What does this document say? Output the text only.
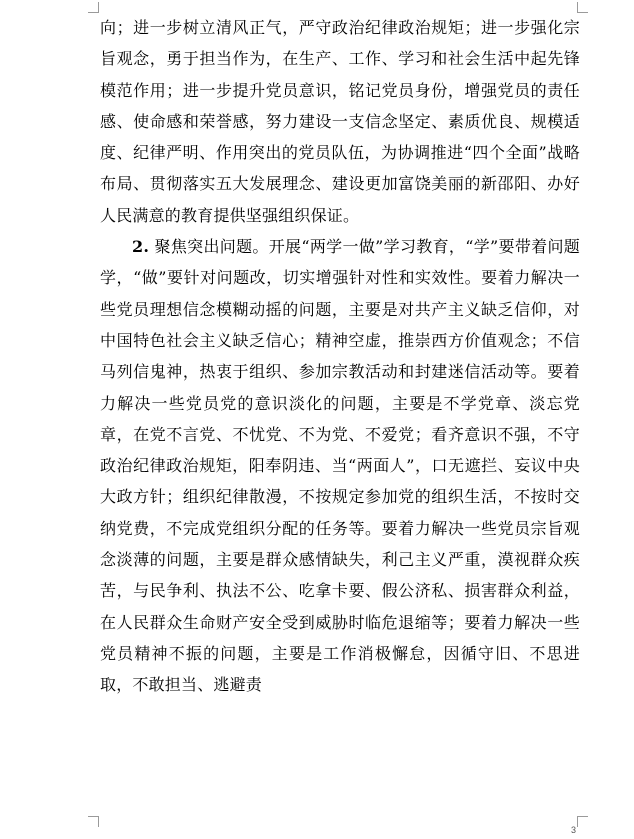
向；进一步树立清风正气，严守政治纪律政治规矩；进一步强化宗旨观念，勇于担当作为，在生产、工作、学习和社会生活中起先锋模范作用；进一步提升党员意识，铭记党员身份，增强党员的责任感、使命感和荣誉感，努力建设一支信念坚定、素质优良、规模适度、纪律严明、作用突出的党员队伍，为协调推进“四个全面”战略布局、贯彻落实五大发展理念、建设更加富饶美丽的新邵阳、办好人民满意的教育提供坚强组织保证。

2. 聚焦突出问题。开展“两学一做”学习教育，“学”要带着问题学，“做”要针对问题改，切实增强针对性和实效性。要着力解决一些党员理想信念模糊动摇的问题，主要是对共产主义缺乏信仰，对中国特色社会主义缺乏信心；精神空虚，推崇西方价值观念；不信马列信鬼神，热衷于组织、参加宗教活动和封建迷信活动等。要着力解决一些党员党的意识淡化的问题，主要是不学党章、淡忘党章，在党不言党、不忧党、不为党、不爱党；看齐意识不强，不守政治纪律政治规矩，阳奉阴违、当“两面人”，口无遮拦、妄议中央大政方针；组织纪律散漫，不按规定参加党的组织生活，不按时交纳党费，不完成党组织分配的任务等。要着力解决一些党员宗旨观念淡薄的问题，主要是群众感情缺失，利己主义严重，漠视群众疾苦，与民争利、执法不公、吃拿卡要、假公济私、损害群众利益，在人民群众生命财产安全受到威胁时临危退缩等；要着力解决一些党员精神不振的问题，主要是工作消极懈怠，因循守旧、不思进取，不敢担当、逃避责

3
